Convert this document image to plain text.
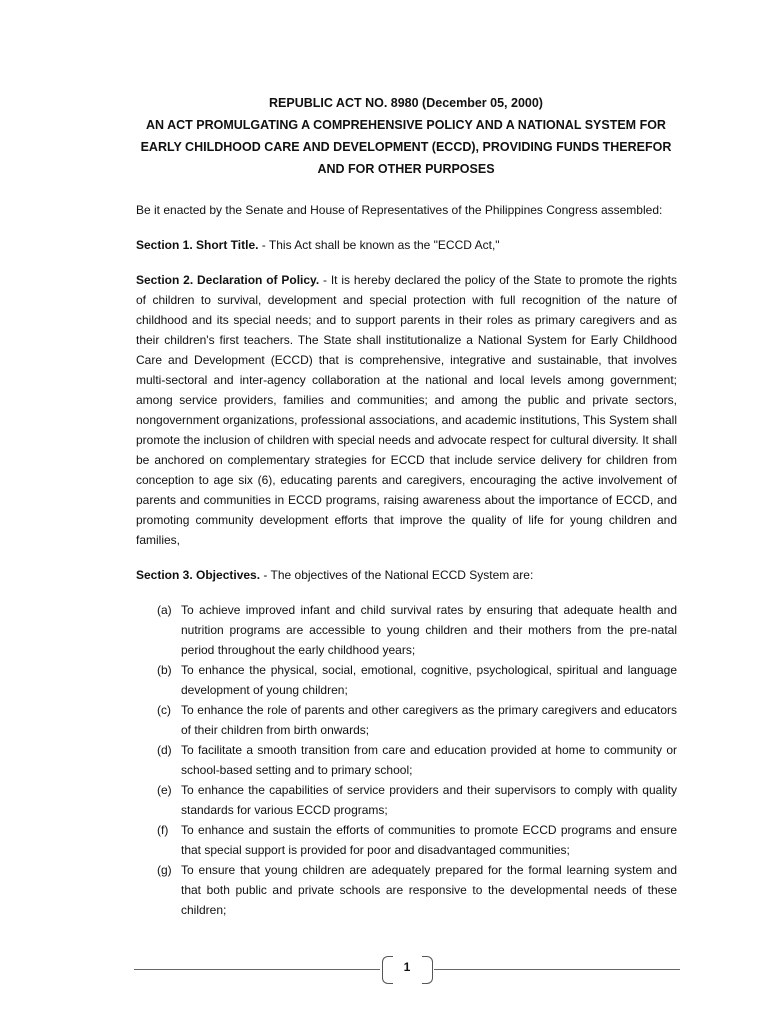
REPUBLIC ACT NO. 8980 (December 05, 2000)
AN ACT PROMULGATING A COMPREHENSIVE POLICY AND A NATIONAL SYSTEM FOR
EARLY CHILDHOOD CARE AND DEVELOPMENT (ECCD), PROVIDING FUNDS THEREFOR
AND FOR OTHER PURPOSES

Be it enacted by the Senate and House of Representatives of the Philippines Congress assembled:

Section 1. Short Title. - This Act shall be known as the "ECCD Act,"

Section 2. Declaration of Policy. - It is hereby declared the policy of the State to promote the rights of children to survival, development and special protection with full recognition of the nature of childhood and its special needs; and to support parents in their roles as primary caregivers and as their children's first teachers. The State shall institutionalize a National System for Early Childhood Care and Development (ECCD) that is comprehensive, integrative and sustainable, that involves multi-sectoral and inter-agency collaboration at the national and local levels among government; among service providers, families and communities; and among the public and private sectors, nongovernment organizations, professional associations, and academic institutions, This System shall promote the inclusion of children with special needs and advocate respect for cultural diversity. It shall be anchored on complementary strategies for ECCD that include service delivery for children from conception to age six (6), educating parents and caregivers, encouraging the active involvement of parents and communities in ECCD programs, raising awareness about the importance of ECCD, and promoting community development efforts that improve the quality of life for young children and families,

Section 3. Objectives. - The objectives of the National ECCD System are:

(a) To achieve improved infant and child survival rates by ensuring that adequate health and nutrition programs are accessible to young children and their mothers from the pre-natal period throughout the early childhood years;
(b) To enhance the physical, social, emotional, cognitive, psychological, spiritual and language development of young children;
(c) To enhance the role of parents and other caregivers as the primary caregivers and educators of their children from birth onwards;
(d) To facilitate a smooth transition from care and education provided at home to community or school-based setting and to primary school;
(e) To enhance the capabilities of service providers and their supervisors to comply with quality standards for various ECCD programs;
(f) To enhance and sustain the efforts of communities to promote ECCD programs and ensure that special support is provided for poor and disadvantaged communities;
(g) To ensure that young children are adequately prepared for the formal learning system and that both public and private schools are responsive to the developmental needs of these children;
1
